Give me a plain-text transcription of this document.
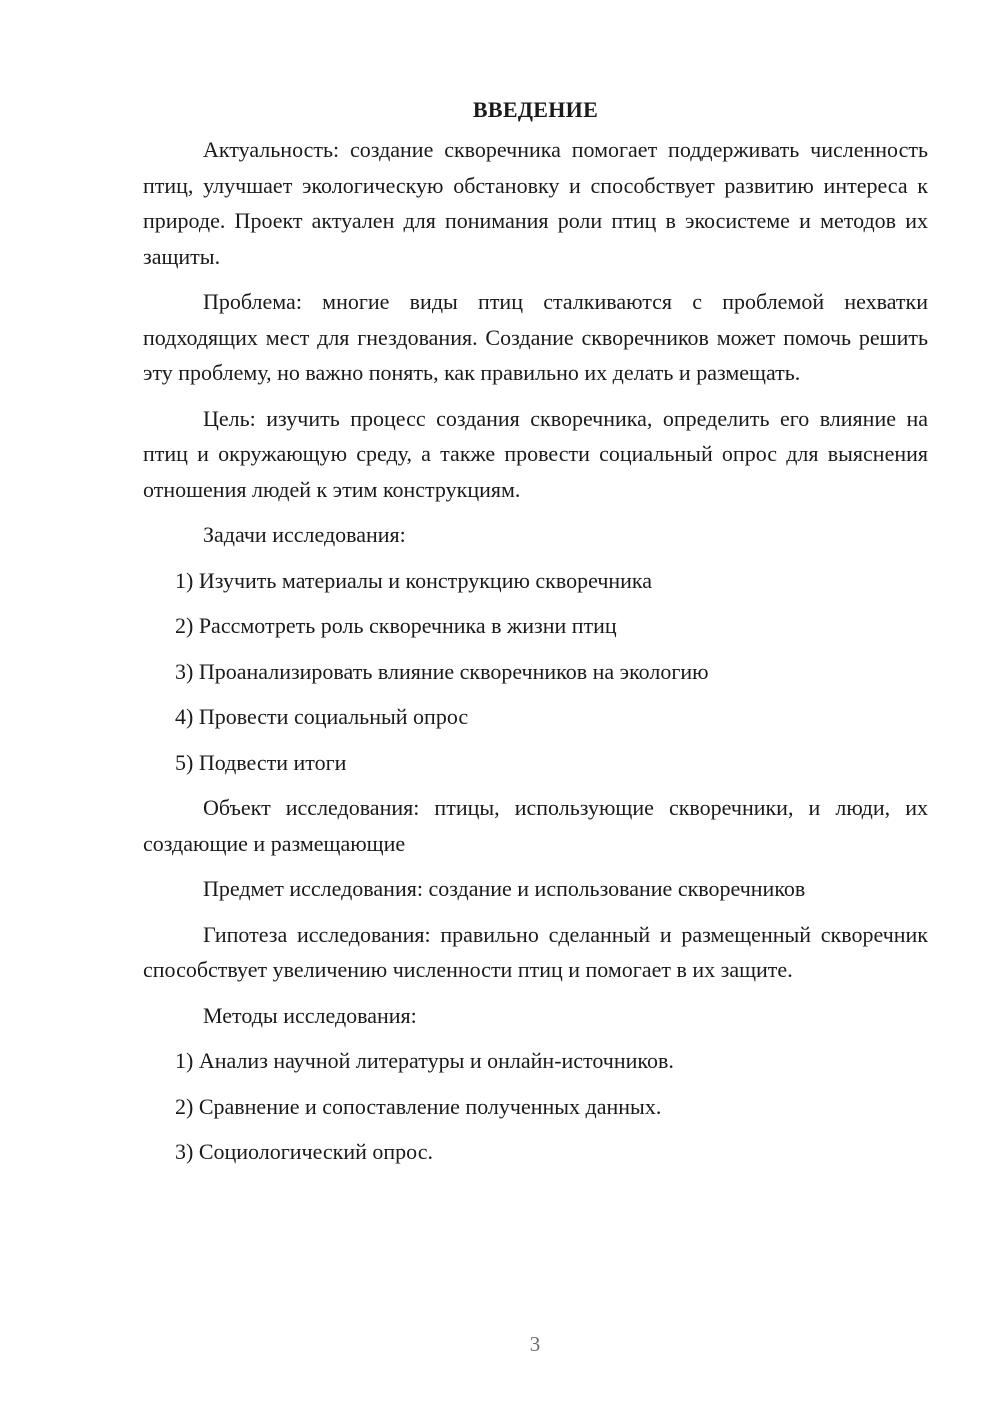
ВВЕДЕНИЕ

Актуальность: создание скворечника помогает поддерживать численность птиц, улучшает экологическую обстановку и способствует развитию интереса к природе. Проект актуален для понимания роли птиц в экосистеме и методов их защиты.

Проблема: многие виды птиц сталкиваются с проблемой нехватки подходящих мест для гнездования. Создание скворечников может помочь решить эту проблему, но важно понять, как правильно их делать и размещать.

Цель: изучить процесс создания скворечника, определить его влияние на птиц и окружающую среду, а также провести социальный опрос для выяснения отношения людей к этим конструкциям.

Задачи исследования:

1) Изучить материалы и конструкцию скворечника
2) Рассмотреть роль скворечника в жизни птиц
3) Проанализировать влияние скворечников на экологию
4) Провести социальный опрос
5) Подвести итоги

Объект исследования: птицы, использующие скворечники, и люди, их создающие и размещающие

Предмет исследования: создание и использование скворечников

Гипотеза исследования: правильно сделанный и размещенный скворечник способствует увеличению численности птиц и помогает в их защите.

Методы исследования:

1) Анализ научной литературы и онлайн-источников.
2) Сравнение и сопоставление полученных данных.
3) Социологический опрос.
3
